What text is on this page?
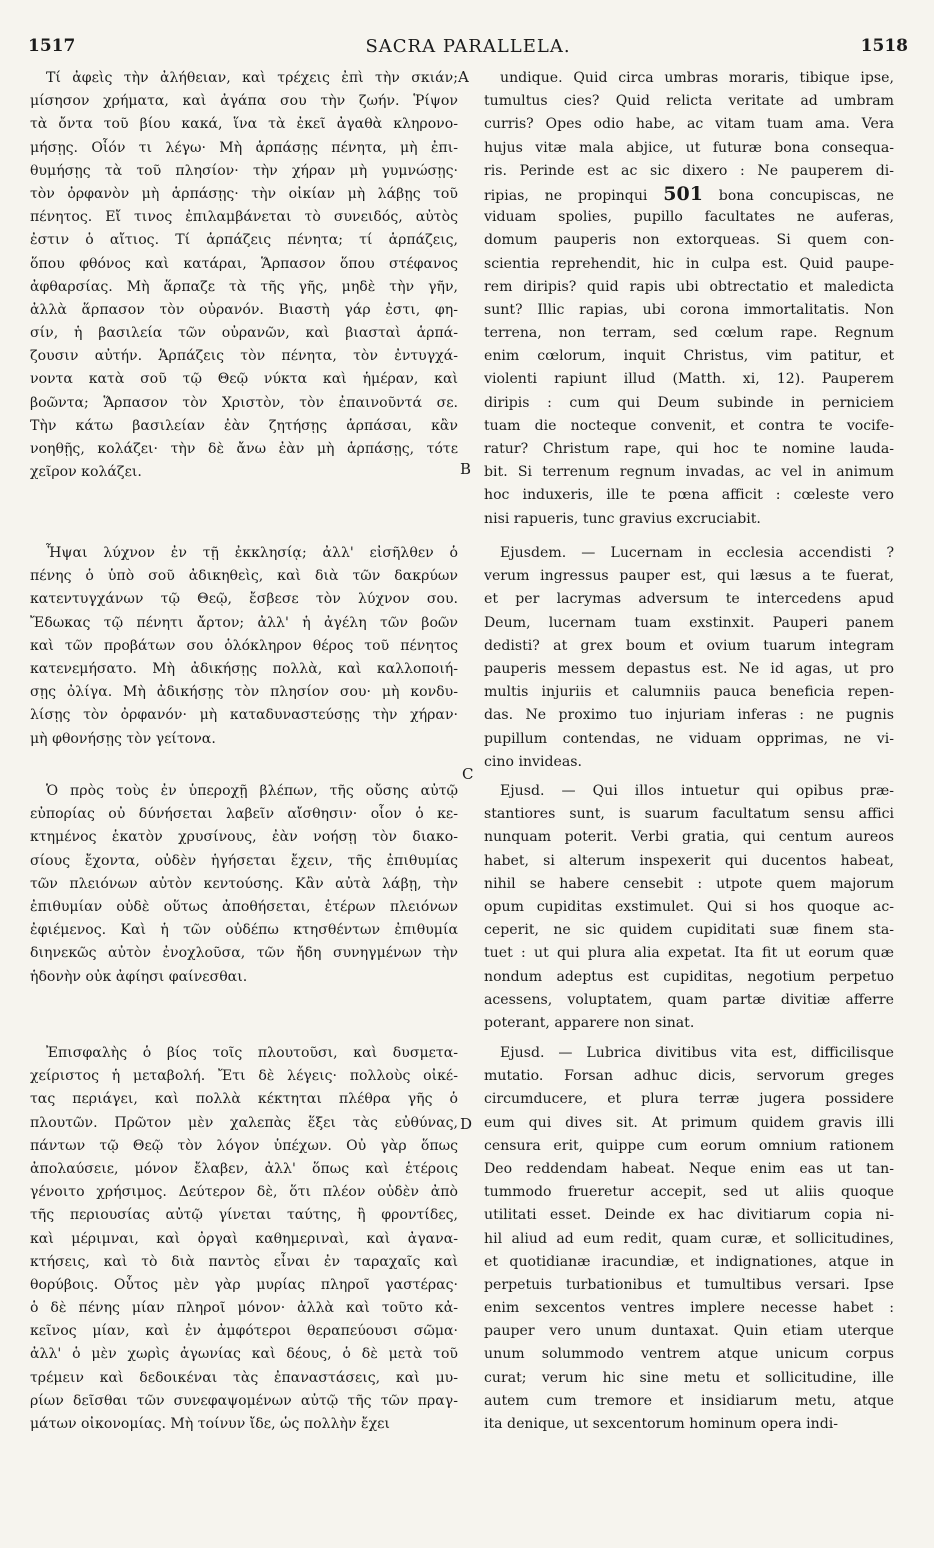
1517	SACRA PARALLELA.	1518
A
B
C
D
Τί ἀφεὶς τὴν ἀλήθειαν, καὶ τρέχεις ἐπὶ τὴν σκιάν;
μίσησον χρήματα, καὶ ἀγάπα σου τὴν ζωήν. Ῥίψον
τὰ ὄντα τοῦ βίου κακά, ἵνα τὰ ἐκεῖ ἀγαθὰ κληρονο-
μήσῃς. Οἷόν τι λέγω· Μὴ ἁρπάσῃς πένητα, μὴ ἐπι-
θυμήσῃς τὰ τοῦ πλησίον· τὴν χήραν μὴ γυμνώσῃς·
τὸν ὀρφανὸν μὴ ἁρπάσῃς· τὴν οἰκίαν μὴ λάβῃς τοῦ
πένητος. Εἴ τινος ἐπιλαμβάνεται τὸ συνειδός, αὐτὸς
ἐστιν ὁ αἴτιος. Τί ἁρπάζεις πένητα; τί ἁρπάζεις,
ὅπου φθόνος καὶ κατάραι, Ἅρπασον ὅπου στέφανος
ἀφθαρσίας. Μὴ ἅρπαζε τὰ τῆς γῆς, μηδὲ τὴν γῆν,
ἀλλὰ ἅρπασον τὸν οὐρανόν. Βιαστὴ γάρ ἐστι, φη-
σίν, ἡ βασιλεία τῶν οὐρανῶν, καὶ βιασταὶ ἁρπά-
ζουσιν αὐτήν. Ἁρπάζεις τὸν πένητα, τὸν ἐντυγχά-
νοντα κατὰ σοῦ τῷ Θεῷ νύκτα καὶ ἡμέραν, καὶ
βοῶντα; Ἅρπασον τὸν Χριστὸν, τὸν ἐπαινοῦντά σε.
Τὴν κάτω βασιλείαν ἐὰν ζητήσῃς ἁρπάσαι, κἂν
νοηθῇς, κολάζει· τὴν δὲ ἄνω ἐὰν μὴ ἁρπάσῃς, τότε
χεῖρον κολάζει.
Ἧψαι λύχνον ἐν τῇ ἐκκλησίᾳ; ἀλλ' εἰσῆλθεν ὁ
πένης ὁ ὑπὸ σοῦ ἀδικηθεὶς, καὶ διὰ τῶν δακρύων
κατεντυγχάνων τῷ Θεῷ, ἔσβεσε τὸν λύχνον σου.
Ἔδωκας τῷ πένητι ἄρτον; ἀλλ' ἡ ἀγέλη τῶν βοῶν
καὶ τῶν προβάτων σου ὁλόκληρον θέρος τοῦ πένητος
κατενεμήσατο. Μὴ ἀδικήσῃς πολλὰ, καὶ καλλοποιή-
σῃς ὀλίγα. Μὴ ἀδικήσῃς τὸν πλησίον σου· μὴ κονδυ-
λίσῃς τὸν ὀρφανόν· μὴ καταδυναστεύσῃς τὴν χήραν·
μὴ φθονήσῃς τὸν γείτονα.
Ὁ πρὸς τοὺς ἐν ὑπεροχῇ βλέπων, τῆς οὔσης αὐτῷ
εὐπορίας οὐ δύνήσεται λαβεῖν αἴσθησιν· οἷον ὁ κε-
κτημένος ἑκατὸν χρυσίνους, ἐὰν νοήσῃ τὸν διακο-
σίους ἔχοντα, οὐδὲν ἡγήσεται ἔχειν, τῆς ἐπιθυμίας
τῶν πλειόνων αὐτὸν κεντούσης. Κἂν αὐτὰ λάβῃ, τὴν
ἐπιθυμίαν οὐδὲ οὕτως ἀποθήσεται, ἑτέρων πλειόνων
ἐφιέμενος. Καὶ ἡ τῶν οὐδέπω κτησθέντων ἐπιθυμία
διηνεκῶς αὐτὸν ἐνοχλοῦσα, τῶν ἤδη συνηγμένων τὴν
ἡδονὴν οὐκ ἀφίησι φαίνεσθαι.
Ἐπισφαλὴς ὁ βίος τοῖς πλουτοῦσι, καὶ δυσμετα-
χείριστος ἡ μεταβολή. Ἔτι δὲ λέγεις· πολλοὺς οἰκέ-
τας περιάγει, καὶ πολλὰ κέκτηται πλέθρα γῆς ὁ
πλουτῶν. Πρῶτον μὲν χαλεπὰς ἕξει τὰς εὐθύνας,
πάντων τῷ Θεῷ τὸν λόγον ὑπέχων. Οὐ γὰρ ὅπως
ἀπολαύσειε, μόνον ἔλαβεν, ἀλλ' ὅπως καὶ ἑτέροις
γένοιτο χρήσιμος. Δεύτερον δὲ, ὅτι πλέον οὐδὲν ἀπὸ
τῆς περιουσίας αὐτῷ γίνεται ταύτης, ἢ φροντίδες,
καὶ μέριμναι, καὶ ὀργαὶ καθημεριναὶ, καὶ ἀγανα-
κτήσεις, καὶ τὸ διὰ παντὸς εἶναι ἐν ταραχαῖς καὶ
θορύβοις. Οὗτος μὲν γὰρ μυρίας πληροῖ γαστέρας·
ὁ δὲ πένης μίαν πληροῖ μόνον· ἀλλὰ καὶ τοῦτο κἀ-
κεῖνος μίαν, καὶ ἐν ἀμφότεροι θεραπεύουσι σῶμα·
ἀλλ' ὁ μὲν χωρὶς ἀγωνίας καὶ δέους, ὁ δὲ μετὰ τοῦ
τρέμειν καὶ δεδοικέναι τὰς ἐπαναστάσεις, καὶ μυ-
ρίων δεῖσθαι τῶν συνεφαψομένων αὐτῷ τῆς τῶν πραγ-
μάτων οἰκονομίας. Μὴ τοίνυν ἴδε, ὡς πολλὴν ἔχει
undique. Quid circa umbras moraris, tibique ipse,
tumultus cies? Quid relicta veritate ad umbram
curris? Opes odio habe, ac vitam tuam ama. Vera
hujus vitæ mala abjice, ut futuræ bona consequa-
ris. Perinde est ac sic dixero : Ne pauperem di-
ripias, ne propinqui 501 bona concupiscas, ne
viduam spolies, pupillo facultates ne auferas,
domum pauperis non extorqueas. Si quem con-
scientia reprehendit, hic in culpa est. Quid paupe-
rem diripis? quid rapis ubi obtrectatio et maledicta
sunt? Illic rapias, ubi corona immortalitatis. Non
terrena, non terram, sed cœlum rape. Regnum
enim cœlorum, inquit Christus, vim patitur, et
violenti rapiunt illud (Matth. xi, 12). Pauperem
diripis : cum qui Deum subinde in perniciem
tuam die nocteque convenit, et contra te vocife-
ratur? Christum rape, qui hoc te nomine lauda-
bit. Si terrenum regnum invadas, ac vel in animum
hoc induxeris, ille te pœna afficit : cœleste vero
nisi rapueris, tunc gravius excruciabit.
Ejusdem. — Lucernam in ecclesia accendisti ?
verum ingressus pauper est, qui læsus a te fuerat,
et per lacrymas adversum te intercedens apud
Deum, lucernam tuam exstinxit. Pauperi panem
dedisti? at grex boum et ovium tuarum integram
pauperis messem depastus est. Ne id agas, ut pro
multis injuriis et calumniis pauca beneficia repen-
das. Ne proximo tuo injuriam inferas : ne pugnis
pupillum contendas, ne viduam opprimas, ne vi-
cino invideas.
Ejusd. — Qui illos intuetur qui opibus præ-
stantiores sunt, is suarum facultatum sensu affici
nunquam poterit. Verbi gratia, qui centum aureos
habet, si alterum inspexerit qui ducentos habeat,
nihil se habere censebit : utpote quem majorum
opum cupiditas exstimulet. Qui si hos quoque ac-
ceperit, ne sic quidem cupiditati suæ finem sta-
tuet : ut qui plura alia expetat. Ita fit ut eorum quæ
nondum adeptus est cupiditas, negotium perpetuo
acessens, voluptatem, quam partæ divitiæ afferre
poterant, apparere non sinat.
Ejusd. — Lubrica divitibus vita est, difficilisque
mutatio. Forsan adhuc dicis, servorum greges
circumducere, et plura terræ jugera possidere
eum qui dives sit. At primum quidem gravis illi
censura erit, quippe cum eorum omnium rationem
Deo reddendam habeat. Neque enim eas ut tan-
tummodo frueretur accepit, sed ut aliis quoque
utilitati esset. Deinde ex hac divitiarum copia ni-
hil aliud ad eum redit, quam curæ, et sollicitudines,
et quotidianæ iracundiæ, et indignationes, atque in
perpetuis turbationibus et tumultibus versari. Ipse
enim sexcentos ventres implere necesse habet :
pauper vero unum duntaxat. Quin etiam uterque
unum solummodo ventrem atque unicum corpus
curat; verum hic sine metu et sollicitudine, ille
autem cum tremore et insidiarum metu, atque
ita denique, ut sexcentorum hominum opera indi-
